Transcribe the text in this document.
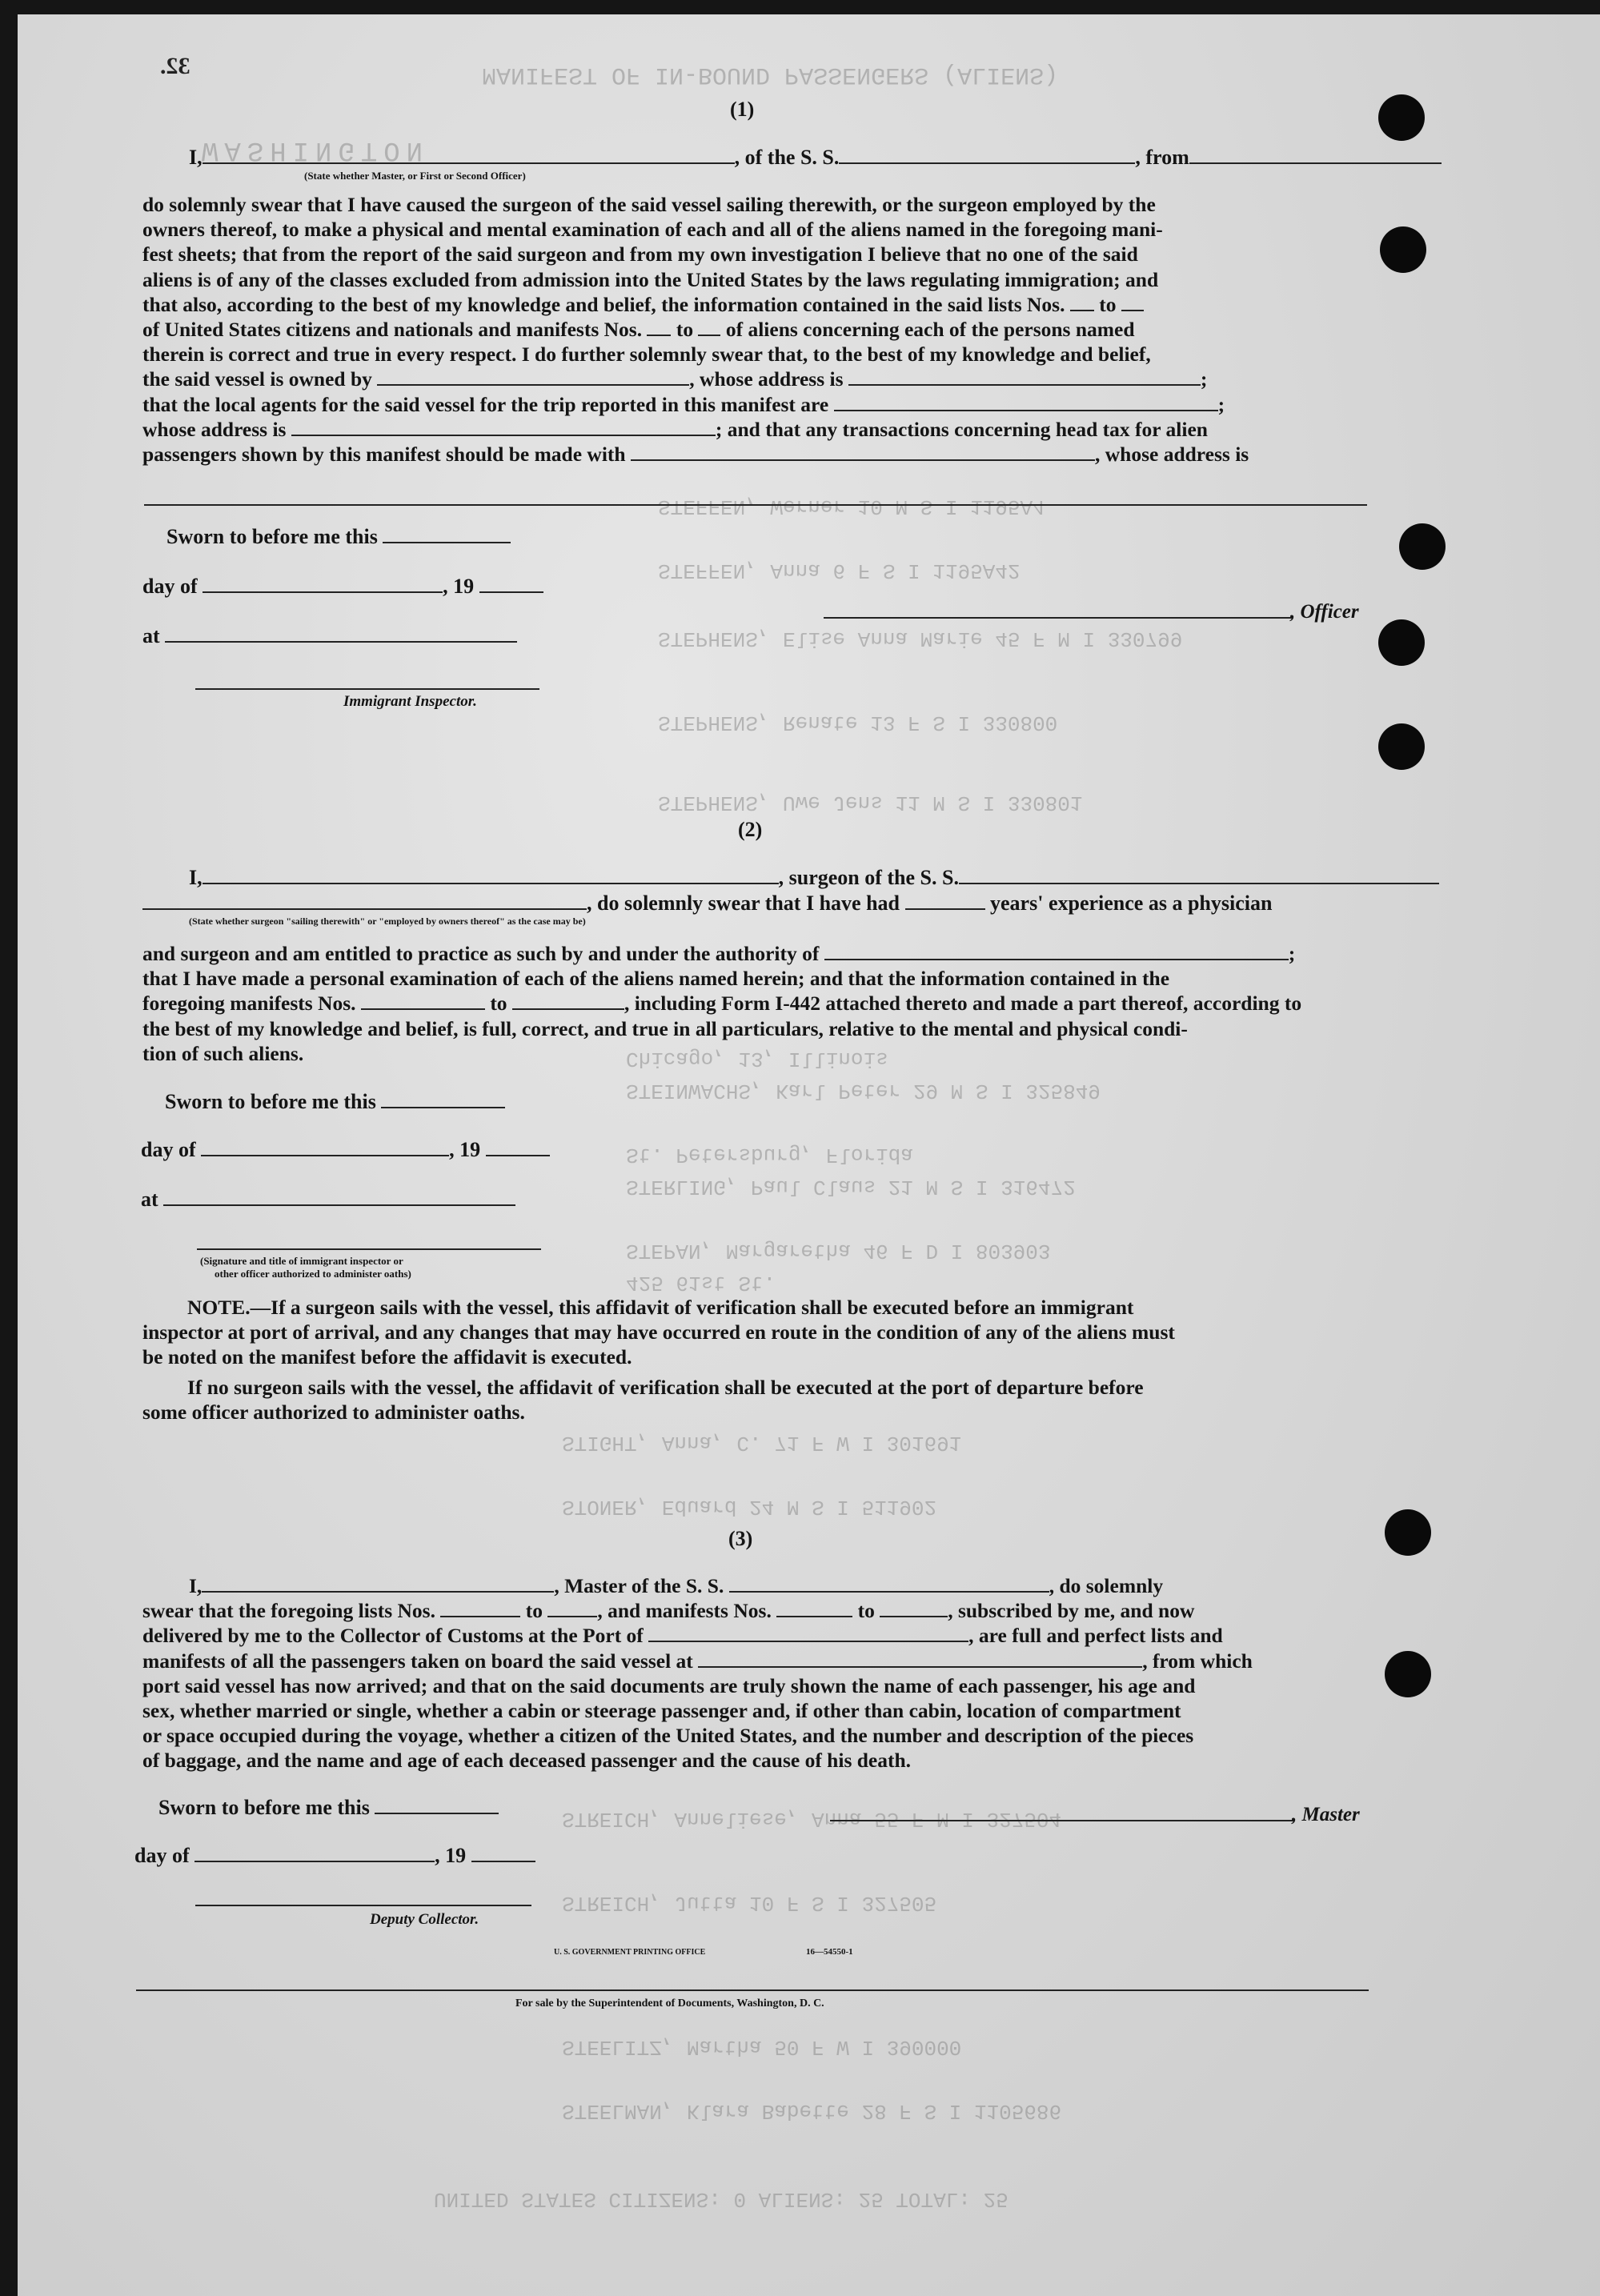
MANIFEST OF IN-BOUND PASSENGERS (ALIENS)
WASHINGTON
STEFFEN, Werner 10 M S I 1195A4
STEFFEN, Anna 6 F S I 1195A42
STEPHENS, Elise Anna Marie 45 F M I 330799
STEPHENS, Renate 13 F S I 330800
STEPHENS, Uwe Jens 11 M S I 330801
Chicago, 13, Illinois
STEINWACHS, Karl Peter 29 M S I 325849
St. Petersburg, Florida
STERLING, Paul Claus 21 M S I 316472
STEPAN, Margaretha 46 F D I 803903
425 61st St.
STIGHT, Anna, C. 71 F W I 301691
STONER, Eduard 24 M S I 511902
STREICH, Anneliese, Anna 55 F M I 327504
STREICH, Jutta 10 F S I 327505
STEELITZ, Martha 50 F W I 390000
STEELMAN, Klara Babette 28 F S I 1105686
UNITED STATES CITIZENS: 0 ALIENS: 25 TOTAL: 25
32.
(1)
I,	, of the S. S.	, from
(State whether Master, or First or Second Officer)
do solemnly swear that I have caused the surgeon of the said vessel sailing therewith, or the surgeon employed by the
owners thereof, to make a physical and mental examination of each and all of the aliens named in the foregoing mani-
fest sheets; that from the report of the said surgeon and from my own investigation I believe that no one of the said
aliens is of any of the classes excluded from admission into the United States by the laws regulating immigration; and
that also, according to the best of my knowledge and belief, the information contained in the said lists Nos. to
of United States citizens and nationals and manifests Nos. to of aliens concerning each of the persons named
therein is correct and true in every respect. I do further solemnly swear that, to the best of my knowledge and belief,
the said vessel is owned by	, whose address is	;
that the local agents for the said vessel for the trip reported in this manifest are	;
whose address is	; and that any transactions concerning head tax for alien
passengers shown by this manifest should be made with	, whose address is
Sworn to before me this
day of	, 19
at
, Officer
Immigrant Inspector.
(2)
I,	, surgeon of the S. S.
, do solemnly swear that I have had	years' experience as a physician
(State whether surgeon "sailing therewith" or "employed by owners thereof" as the case may be)
and surgeon and am entitled to practice as such by and under the authority of	;
that I have made a personal examination of each of the aliens named herein; and that the information contained in the
foregoing manifests Nos.	to	, including Form I-442 attached thereto and made a part thereof, according to
the best of my knowledge and belief, is full, correct, and true in all particulars, relative to the mental and physical condi-
tion of such aliens.
Sworn to before me this
day of	, 19
at
(Signature and title of immigrant inspector or
other officer authorized to administer oaths)
NOTE.—If a surgeon sails with the vessel, this affidavit of verification shall be executed before an immigrant
inspector at port of arrival, and any changes that may have occurred en route in the condition of any of the aliens must
be noted on the manifest before the affidavit is executed.
If no surgeon sails with the vessel, the affidavit of verification shall be executed at the port of departure before
some officer authorized to administer oaths.
(3)
I,	, Master of the S. S.	, do solemnly
swear that the foregoing lists Nos.	to	, and manifests Nos.	to	, subscribed by me, and now
delivered by me to the Collector of Customs at the Port of	, are full and perfect lists and
manifests of all the passengers taken on board the said vessel at	, from which
port said vessel has now arrived; and that on the said documents are truly shown the name of each passenger, his age and
sex, whether married or single, whether a cabin or steerage passenger and, if other than cabin, location of compartment
or space occupied during the voyage, whether a citizen of the United States, and the number and description of the pieces
of baggage, and the name and age of each deceased passenger and the cause of his death.
Sworn to before me this
day of	, 19
, Master
Deputy Collector.
U. S. GOVERNMENT PRINTING OFFICE	16—54550-1
For sale by the Superintendent of Documents, Washington, D. C.
